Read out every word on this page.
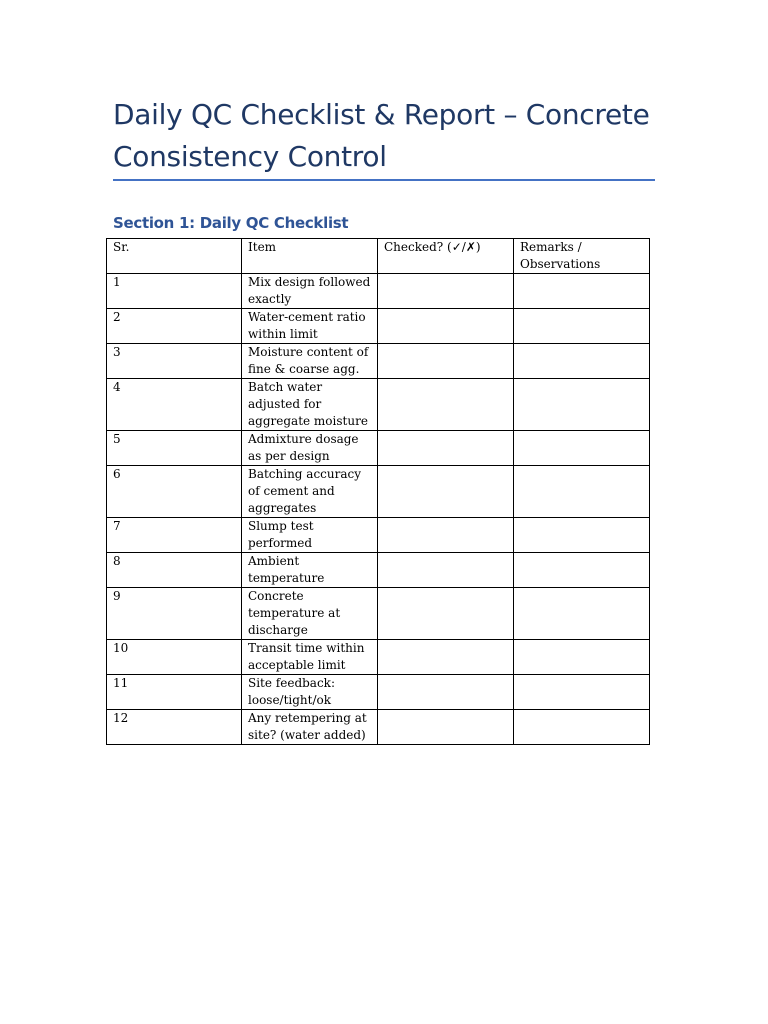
Daily QC Checklist & Report – Concrete Consistency Control
Section 1: Daily QC Checklist
Sr.	Item	Checked? (✓/✗)	Remarks / Observations
1	Mix design followed exactly		
2	Water-cement ratio within limit		
3	Moisture content of fine & coarse agg.		
4	Batch water adjusted for aggregate moisture		
5	Admixture dosage as per design		
6	Batching accuracy of cement and aggregates		
7	Slump test performed		
8	Ambient temperature		
9	Concrete temperature at discharge		
10	Transit time within acceptable limit		
11	Site feedback: loose/tight/ok		
12	Any retempering at site? (water added)		
